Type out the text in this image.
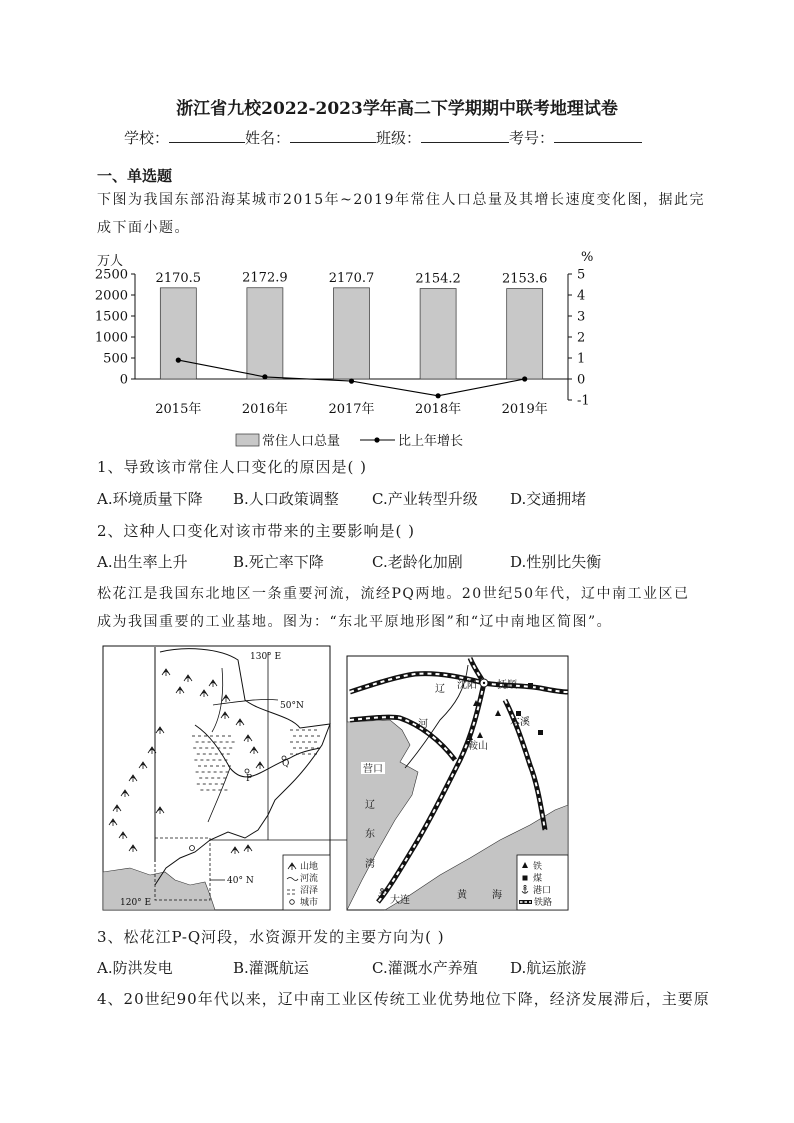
浙江省九校2022-2023学年高二下学期期中联考地理试卷
学校：	姓名：	班级：	考号：
一、单选题
下图为我国东部沿海某城市2015年~2019年常住人口总量及其增长速度变化图，据此完
成下面小题。
0
500
1000
1500
2000
2500
-1
0
1
2
3
4
5
万人	%
2170.5
2015年
2172.9
2016年
2170.7
2017年
2154.2
2018年
2153.6
2019年
常住人口总量	比上年增长
1、导致该市常住人口变化的原因是( )
A.环境质量下降 B.人口政策调整 C.产业转型升级 D.交通拥堵
2、这种人口变化对该市带来的主要影响是( )
A.出生率上升	B.死亡率下降	C.老龄化加剧	D.性别比失衡
松花江是我国东北地区一条重要河流，流经PQ两地。20世纪50年代，辽中南工业区已
成为我国重要的工业基地。图为：“东北平原地形图”和“辽中南地区简图”。
P
Q
130° E
50°N
40° N
120° E
山地
河流
沼泽
城市
辽
河
沈阳 抚顺
本溪
鞍山
营口
辽
东
湾
大连	黄	海
铁
煤
港口
铁路
3、松花江P-Q河段，水资源开发的主要方向为( )
A.防洪发电	B.灌溉航运	C.灌溉水产养殖 D.航运旅游
4、20世纪90年代以来，辽中南工业区传统工业优势地位下降，经济发展滞后，主要原
